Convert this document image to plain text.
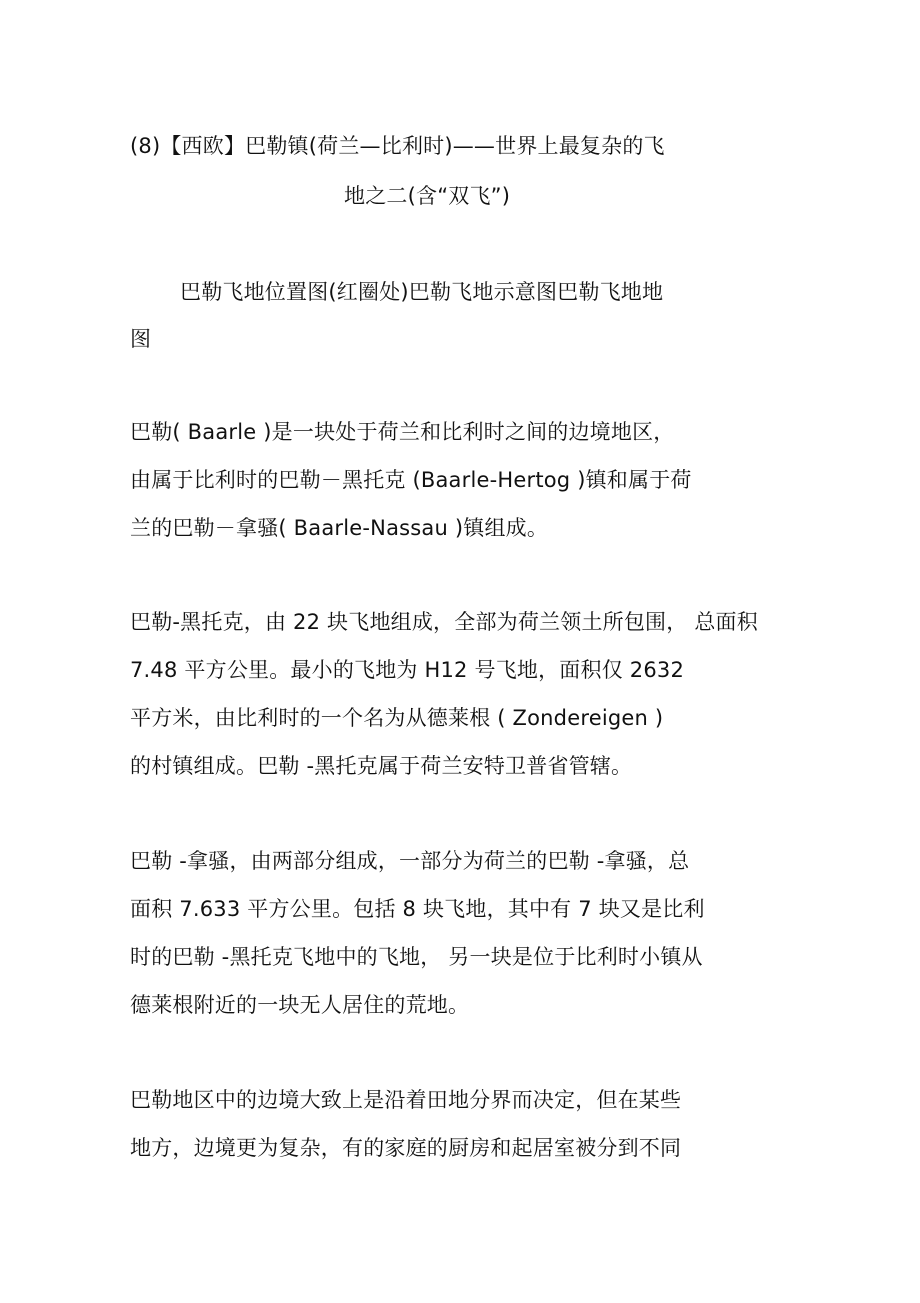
(8)【西欧】巴勒镇(荷兰—比利时)——世界上最复杂的飞
地之二(含“双飞”)
巴勒飞地位置图(红圈处)巴勒飞地示意图巴勒飞地地
图
巴勒( Baarle )是一块处于荷兰和比利时之间的边境地区，
由属于比利时的巴勒－黑托克 (Baarle-Hertog )镇和属于荷
兰的巴勒－拿骚( Baarle-Nassau )镇组成。
巴勒-黑托克，由 22 块飞地组成，全部为荷兰领土所包围， 总面积
7.48 平方公里。最小的飞地为 H12 号飞地，面积仅 2632
平方米，由比利时的一个名为从德莱根 ( Zondereigen )
的村镇组成。巴勒 -黑托克属于荷兰安特卫普省管辖。
巴勒 -拿骚，由两部分组成，一部分为荷兰的巴勒 -拿骚，总
面积 7.633 平方公里。包括 8 块飞地，其中有 7 块又是比利
时的巴勒 -黑托克飞地中的飞地， 另一块是位于比利时小镇从
德莱根附近的一块无人居住的荒地。
巴勒地区中的边境大致上是沿着田地分界而决定，但在某些
地方，边境更为复杂，有的家庭的厨房和起居室被分到不同
